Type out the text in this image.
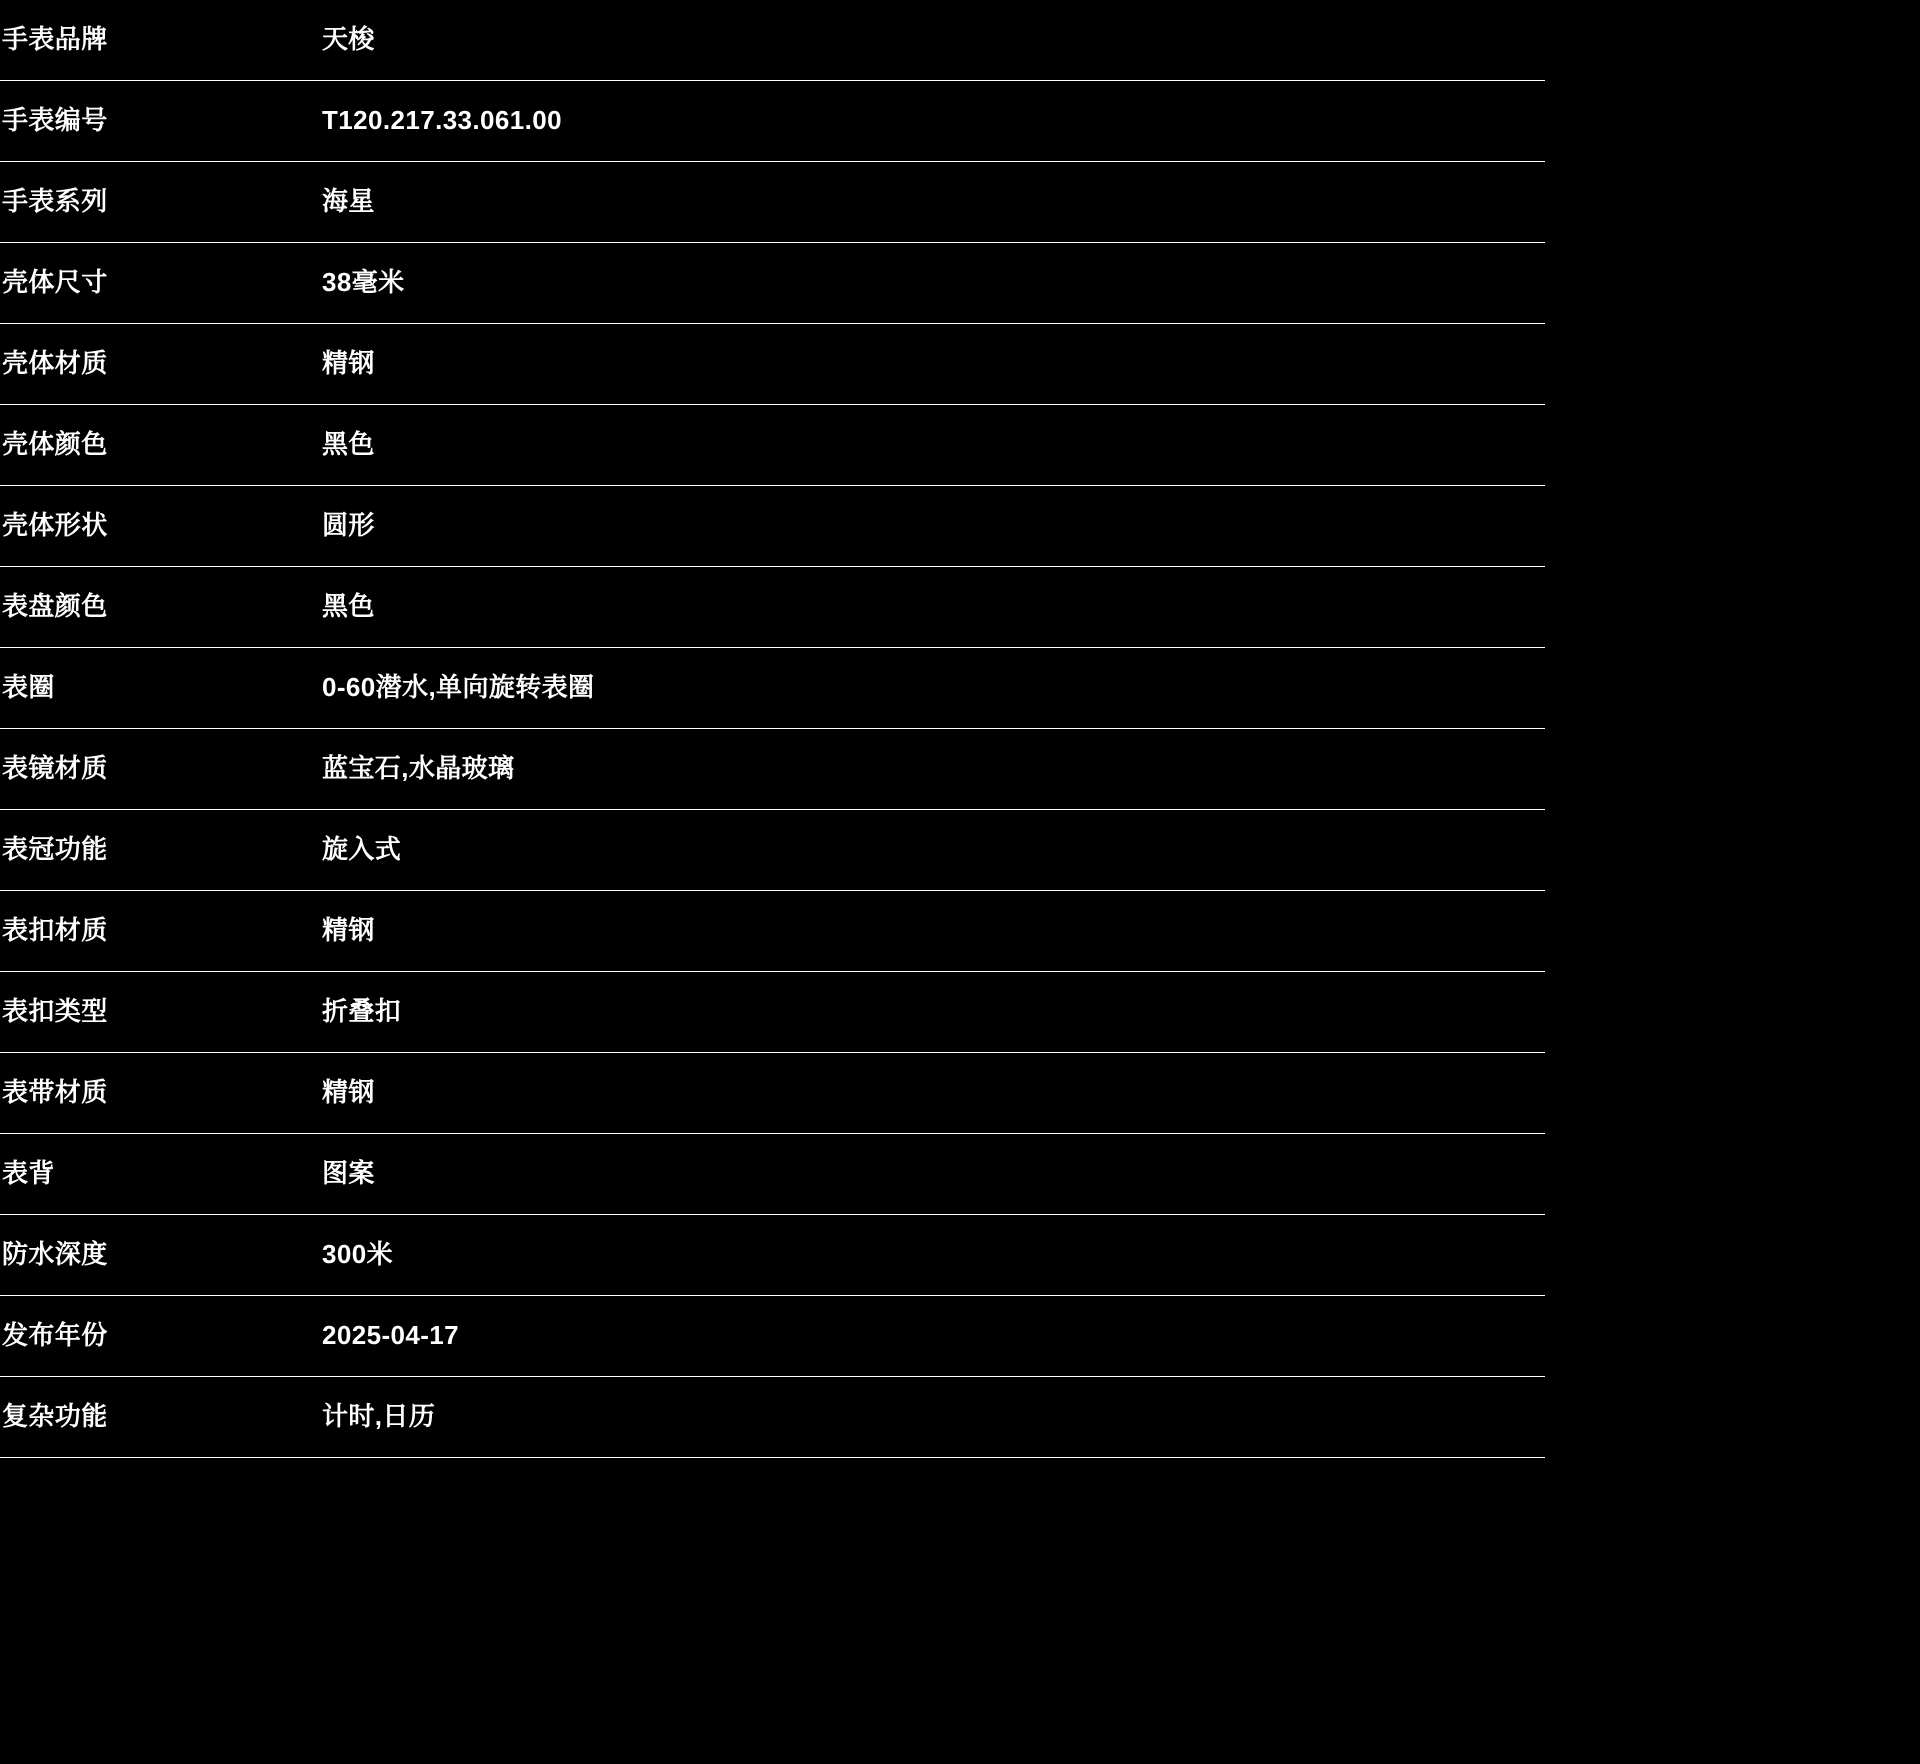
手表品牌	天梭
手表编号	T120.217.33.061.00
手表系列	海星
壳体尺寸	38毫米
壳体材质	精钢
壳体颜色	黑色
壳体形状	圆形
表盘颜色	黑色
表圈	0-60潜水,单向旋转表圈
表镜材质	蓝宝石,水晶玻璃
表冠功能	旋入式
表扣材质	精钢
表扣类型	折叠扣
表带材质	精钢
表背	图案
防水深度	300米
发布年份	2025-04-17
复杂功能	计时,日历
